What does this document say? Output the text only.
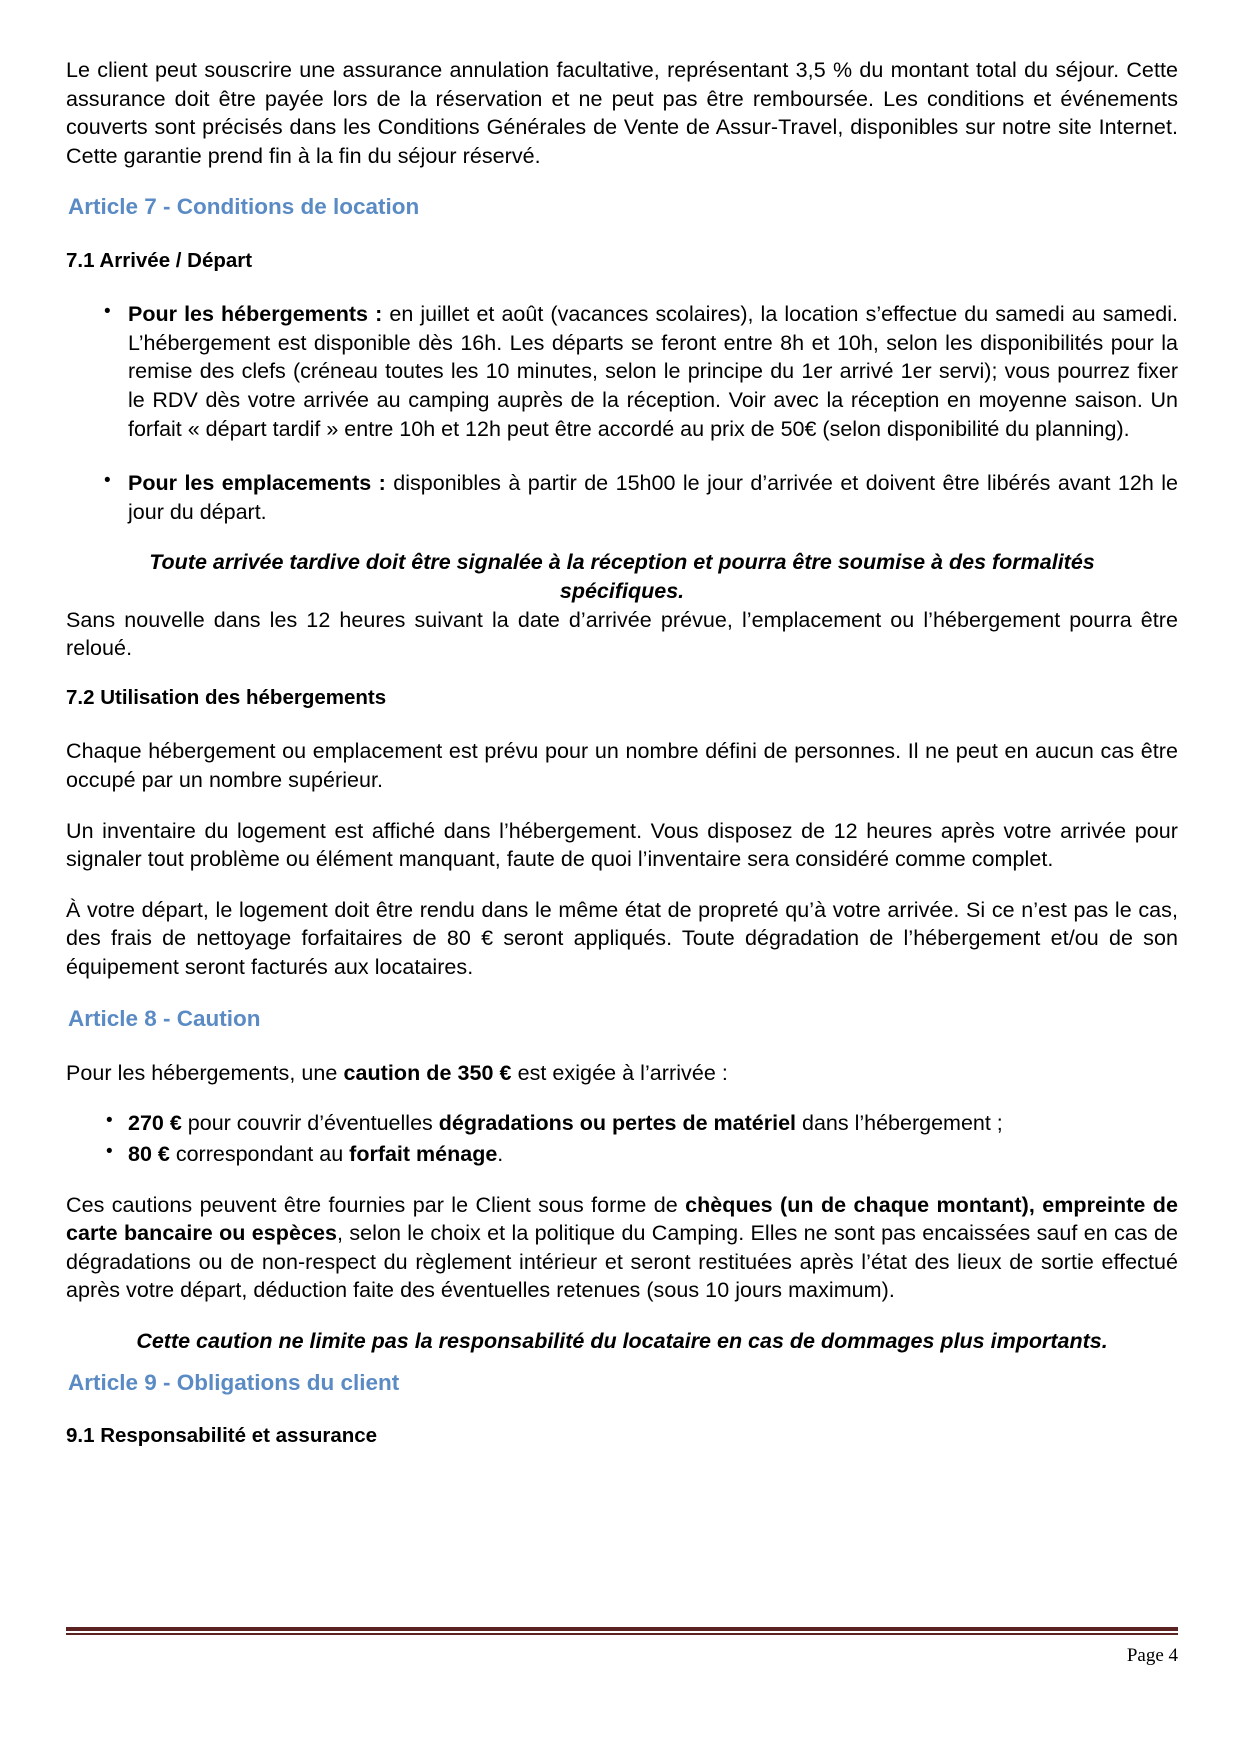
Le client peut souscrire une assurance annulation facultative, représentant 3,5 % du montant total du séjour. Cette assurance doit être payée lors de la réservation et ne peut pas être remboursée. Les conditions et événements couverts sont précisés dans les Conditions Générales de Vente de Assur-Travel, disponibles sur notre site Internet. Cette garantie prend fin à la fin du séjour réservé.

Article 7 - Conditions de location
7.1 Arrivée / Départ
• Pour les hébergements : en juillet et août (vacances scolaires), la location s’effectue du samedi au samedi. L’hébergement est disponible dès 16h. Les départs se feront entre 8h et 10h, selon les disponibilités pour la remise des clefs (créneau toutes les 10 minutes, selon le principe du 1er arrivé 1er servi); vous pourrez fixer le RDV dès votre arrivée au camping auprès de la réception. Voir avec la réception en moyenne saison. Un forfait « départ tardif » entre 10h et 12h peut être accordé au prix de 50€ (selon disponibilité du planning).
• Pour les emplacements : disponibles à partir de 15h00 le jour d’arrivée et doivent être libérés avant 12h le jour du départ.
Toute arrivée tardive doit être signalée à la réception et pourra être soumise à des formalités spécifiques.

Sans nouvelle dans les 12 heures suivant la date d’arrivée prévue, l’emplacement ou l’hébergement pourra être reloué.

7.2 Utilisation des hébergements

Chaque hébergement ou emplacement est prévu pour un nombre défini de personnes. Il ne peut en aucun cas être occupé par un nombre supérieur.

Un inventaire du logement est affiché dans l’hébergement. Vous disposez de 12 heures après votre arrivée pour signaler tout problème ou élément manquant, faute de quoi l’inventaire sera considéré comme complet.

À votre départ, le logement doit être rendu dans le même état de propreté qu’à votre arrivée. Si ce n’est pas le cas, des frais de nettoyage forfaitaires de 80 € seront appliqués. Toute dégradation de l’hébergement et/ou de son équipement seront facturés aux locataires.

Article 8 - Caution

Pour les hébergements, une caution de 350 € est exigée à l’arrivée :

• 270 € pour couvrir d’éventuelles dégradations ou pertes de matériel dans l’hébergement ;
• 80 € correspondant au forfait ménage.

Ces cautions peuvent être fournies par le Client sous forme de chèques (un de chaque montant), empreinte de carte bancaire ou espèces, selon le choix et la politique du Camping. Elles ne sont pas encaissées sauf en cas de dégradations ou de non-respect du règlement intérieur et seront restituées après l’état des lieux de sortie effectué après votre départ, déduction faite des éventuelles retenues (sous 10 jours maximum).

Cette caution ne limite pas la responsabilité du locataire en cas de dommages plus importants.
Article 9 - Obligations du client
9.1 Responsabilité et assurance
Page 4
